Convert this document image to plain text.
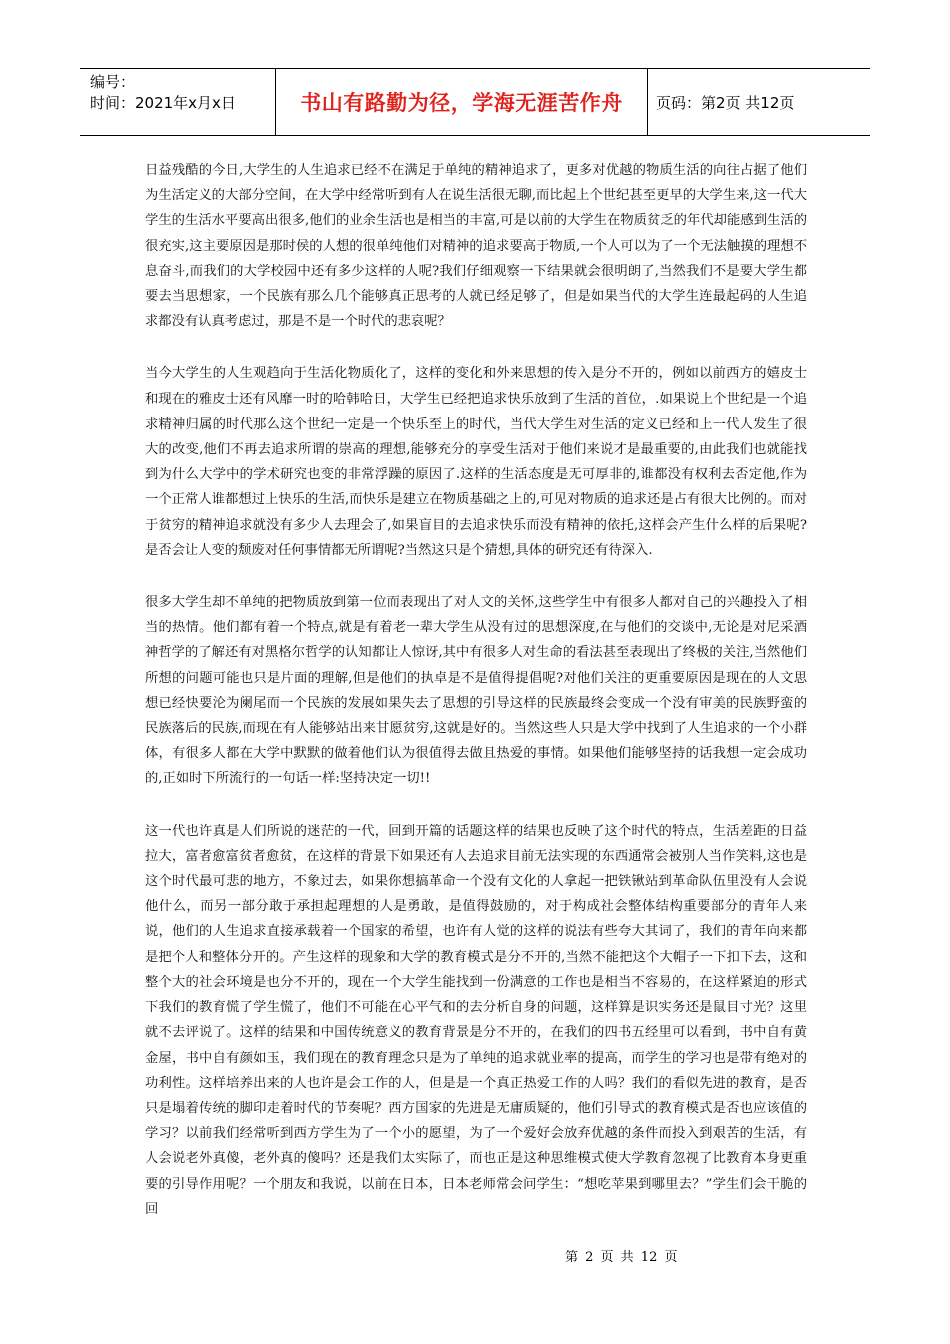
编号：
时间：2021年x月x日	书山有路勤为径，学海无涯苦作舟	页码：第2页 共12页

日益残酷的今日,大学生的人生追求已经不在满足于单纯的精神追求了，更多对优越的物质生活的向往占据了他们为生活定义的大部分空间，在大学中经常听到有人在说生活很无聊,而比起上个世纪甚至更早的大学生来,这一代大学生的生活水平要高出很多,他们的业余生活也是相当的丰富,可是以前的大学生在物质贫乏的年代却能感到生活的很充实,这主要原因是那时侯的人想的很单纯他们对精神的追求要高于物质,一个人可以为了一个无法触摸的理想不息奋斗,而我们的大学校园中还有多少这样的人呢?我们仔细观察一下结果就会很明朗了,当然我们不是要大学生都要去当思想家，一个民族有那么几个能够真正思考的人就已经足够了，但是如果当代的大学生连最起码的人生追求都没有认真考虑过，那是不是一个时代的悲哀呢？

当今大学生的人生观趋向于生活化物质化了，这样的变化和外来思想的传入是分不开的，例如以前西方的嬉皮士和现在的雅皮士还有风靡一时的哈韩哈日，大学生已经把追求快乐放到了生活的首位，.如果说上个世纪是一个追求精神归属的时代那么这个世纪一定是一个快乐至上的时代，当代大学生对生活的定义已经和上一代人发生了很大的改变,他们不再去追求所谓的崇高的理想,能够充分的享受生活对于他们来说才是最重要的,由此我们也就能找到为什么大学中的学术研究也变的非常浮躁的原因了.这样的生活态度是无可厚非的,谁都没有权利去否定他,作为一个正常人谁都想过上快乐的生活,而快乐是建立在物质基础之上的,可见对物质的追求还是占有很大比例的。而对于贫穷的精神追求就没有多少人去理会了,如果盲目的去追求快乐而没有精神的依托,这样会产生什么样的后果呢?是否会让人变的颓废对任何事情都无所谓呢?当然这只是个猜想,具体的研究还有待深入.

很多大学生却不单纯的把物质放到第一位而表现出了对人文的关怀,这些学生中有很多人都对自己的兴趣投入了相当的热情。他们都有着一个特点,就是有着老一辈大学生从没有过的思想深度,在与他们的交谈中,无论是对尼采酒神哲学的了解还有对黑格尔哲学的认知都让人惊讶,其中有很多人对生命的看法甚至表现出了终极的关注,当然他们所想的问题可能也只是片面的理解,但是他们的执卓是不是值得提倡呢?对他们关注的更重要原因是现在的人文思想已经快要沦为阑尾而一个民族的发展如果失去了思想的引导这样的民族最终会变成一个没有审美的民族野蛮的民族落后的民族,而现在有人能够站出来甘愿贫穷,这就是好的。当然这些人只是大学中找到了人生追求的一个小群体，有很多人都在大学中默默的做着他们认为很值得去做且热爱的事情。如果他们能够坚持的话我想一定会成功的,正如时下所流行的一句话一样:坚持决定一切!!

这一代也许真是人们所说的迷茫的一代，回到开篇的话题这样的结果也反映了这个时代的特点，生活差距的日益拉大，富者愈富贫者愈贫，在这样的背景下如果还有人去追求目前无法实现的东西通常会被别人当作笑料,这也是这个时代最可悲的地方，不象过去，如果你想搞革命一个没有文化的人拿起一把铁锹站到革命队伍里没有人会说他什么，而另一部分敢于承担起理想的人是勇敢，是值得鼓励的，对于构成社会整体结构重要部分的青年人来说，他们的人生追求直接承载着一个国家的希望，也许有人觉的这样的说法有些夸大其词了，我们的青年向来都是把个人和整体分开的。产生这样的现象和大学的教育模式是分不开的,当然不能把这个大帽子一下扣下去，这和整个大的社会环境是也分不开的，现在一个大学生能找到一份满意的工作也是相当不容易的，在这样紧迫的形式下我们的教育慌了学生慌了，他们不可能在心平气和的去分析自身的问题，这样算是识实务还是鼠目寸光？这里就不去评说了。这样的结果和中国传统意义的教育背景是分不开的，在我们的四书五经里可以看到，书中自有黄金屋，书中自有颜如玉，我们现在的教育理念只是为了单纯的追求就业率的提高，而学生的学习也是带有绝对的功利性。这样培养出来的人也许是会工作的人，但是是一个真正热爱工作的人吗？我们的看似先进的教育，是否只是塌着传统的脚印走着时代的节奏呢？西方国家的先进是无庸质疑的，他们引导式的教育模式是否也应该值的学习？以前我们经常听到西方学生为了一个小的愿望，为了一个爱好会放弃优越的条件而投入到艰苦的生活，有人会说老外真傻，老外真的傻吗？还是我们太实际了，而也正是这种思维模式使大学教育忽视了比教育本身更重要的引导作用呢？一个朋友和我说，以前在日本，日本老师常会问学生：“想吃苹果到哪里去？”学生们会干脆的回

第 2 页 共 12 页
